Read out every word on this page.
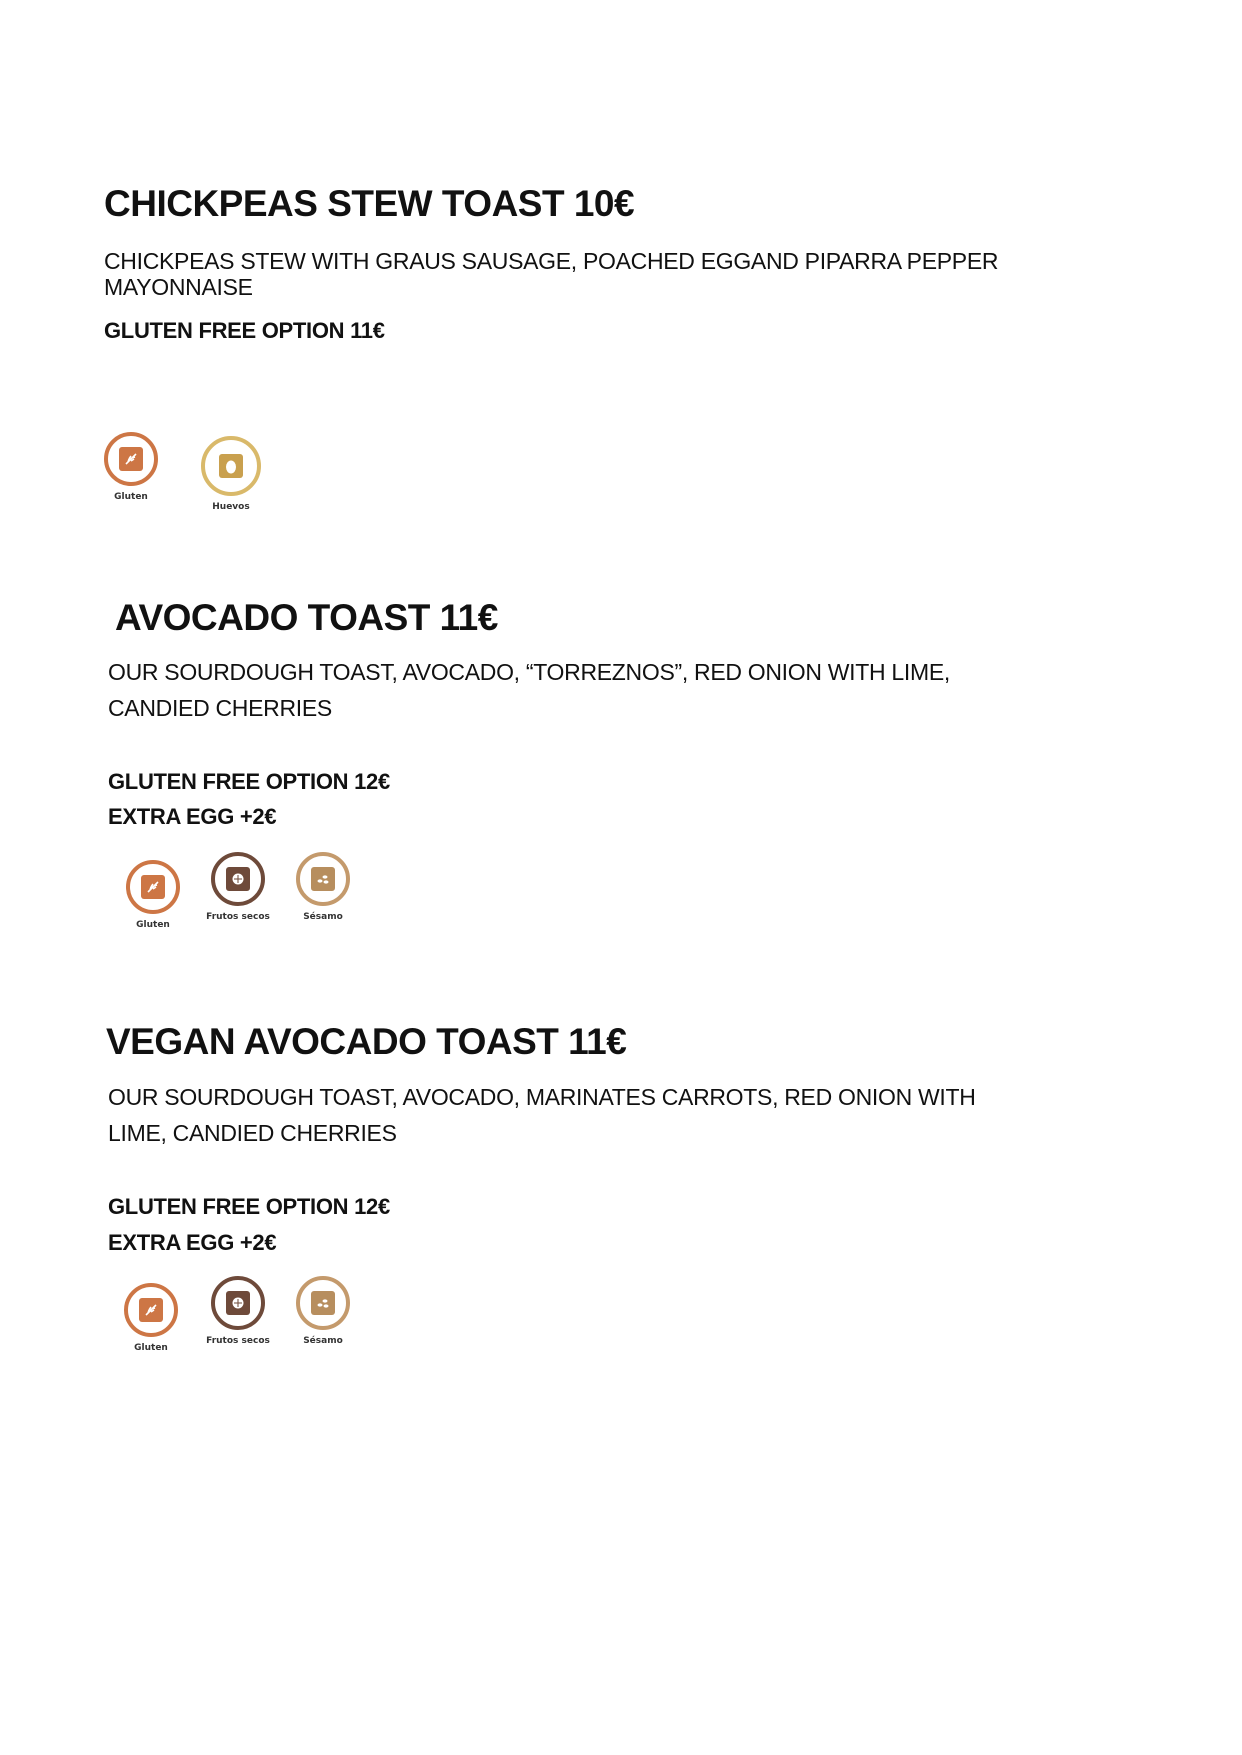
CHICKPEAS STEW TOAST 10€
CHICKPEAS STEW WITH GRAUS SAUSAGE, POACHED EGGAND PIPARRA PEPPER
MAYONNAISE
GLUTEN FREE OPTION 11€
Gluten
Huevos
AVOCADO TOAST 11€
OUR SOURDOUGH TOAST, AVOCADO, “TORREZNOS”, RED ONION WITH LIME,
CANDIED CHERRIES
GLUTEN FREE OPTION 12€
EXTRA EGG +2€
Gluten
Frutos secos	Sésamo
VEGAN AVOCADO TOAST 11€
OUR SOURDOUGH TOAST, AVOCADO, MARINATES CARROTS, RED ONION WITH
LIME, CANDIED CHERRIES
GLUTEN FREE OPTION 12€
EXTRA EGG +2€
Gluten
Frutos secos	Sésamo
